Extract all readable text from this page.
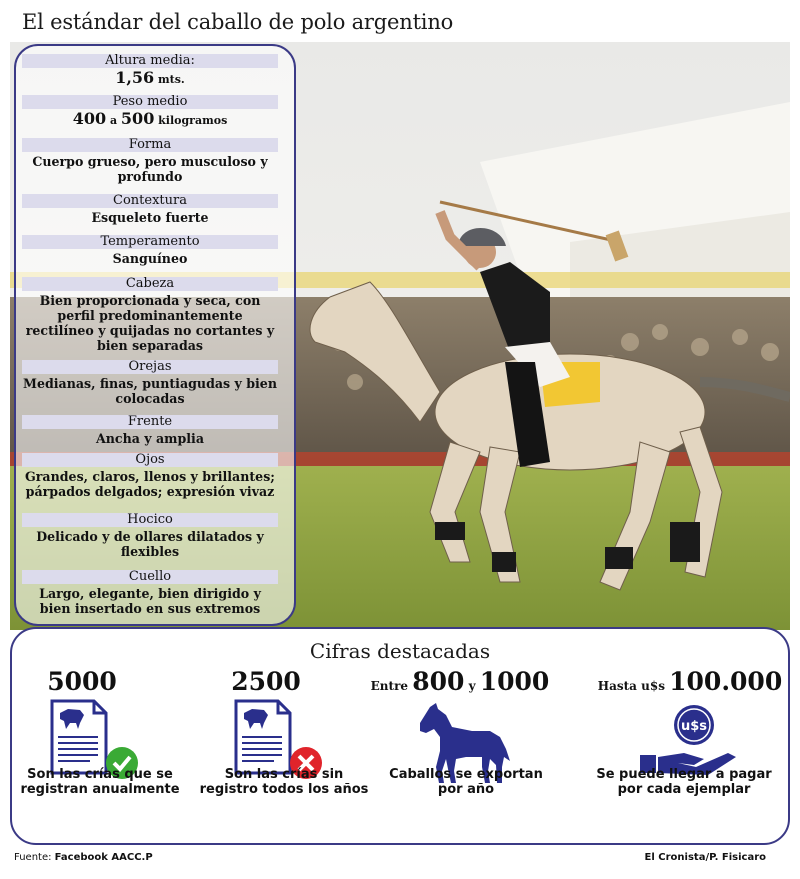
El estándar del caballo de polo argentino
Altura media:
1,56 mts.
Peso medio
400 a 500 kilogramos
Forma
Cuerpo grueso, pero musculoso y profundo
Contextura
Esqueleto fuerte
Temperamento
Sanguíneo
Cabeza
Bien proporcionada y seca, con perfil predominantemente rectilíneo y quijadas no cortantes y bien separadas
Orejas
Medianas, finas, puntiagudas y bien colocadas
Frente
Ancha y amplia
Ojos
Grandes, claros, llenos y brillantes; párpados delgados; expresión vivaz
Hocico
Delicado y de ollares dilatados y flexibles
Cuello
Largo, elegante, bien dirigido y bien insertado en sus extremos
Cifras destacadas
5000
Son las crías que se registran anualmente
2500
Son las crías sin registro todos los años
Entre 800 y 1000
Caballos se exportan por año
Hasta u$s 100.000
u$s
Se puede llegar a pagar por cada ejemplar
Fuente: Facebook AACC.P	El Cronista/P. Fisicaro
